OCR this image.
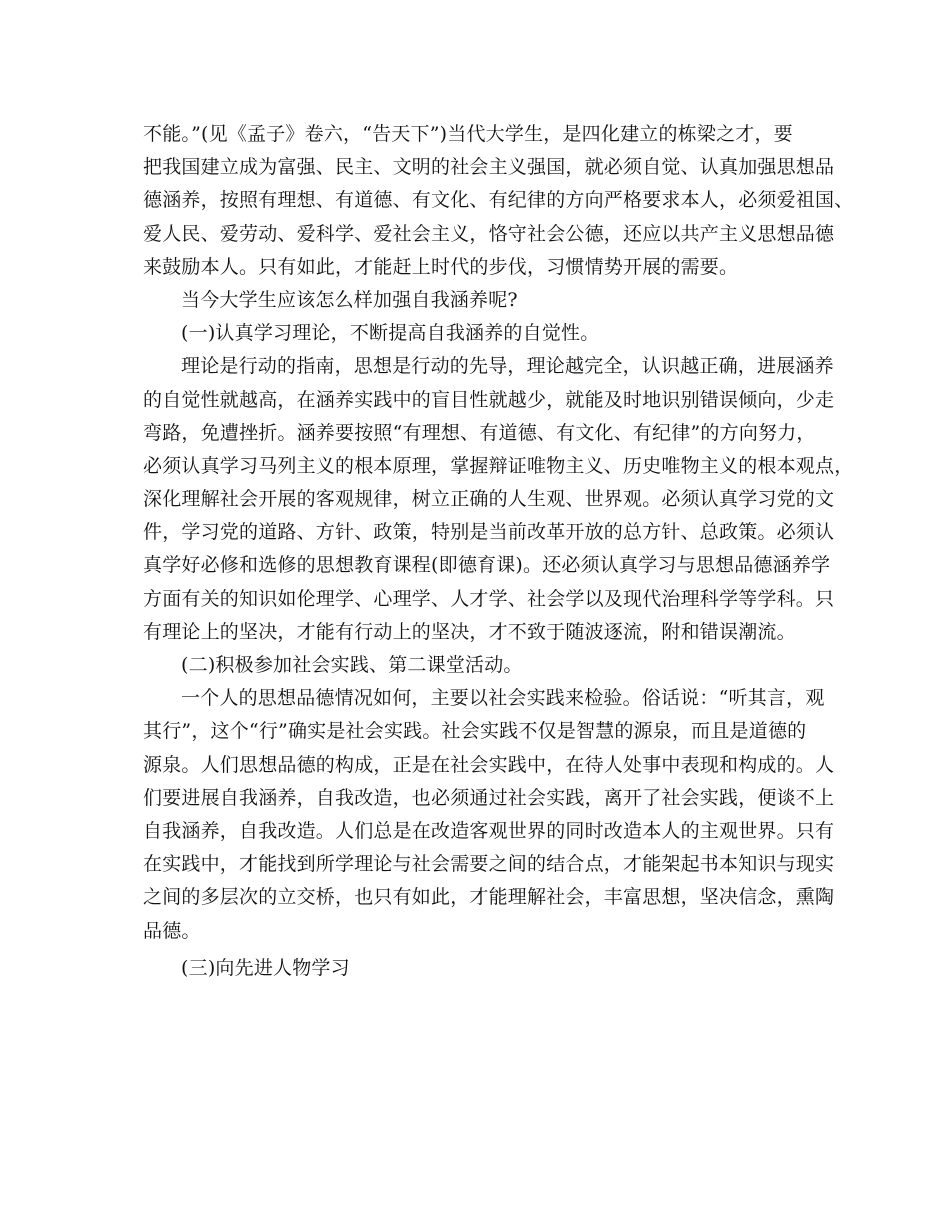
不能。”(见《孟子》卷六，“告天下”)当代大学生，是四化建立的栋梁之才，要
把我国建立成为富强、民主、文明的社会主义强国，就必须自觉、认真加强思想品
德涵养，按照有理想、有道德、有文化、有纪律的方向严格要求本人，必须爱祖国、
爱人民、爱劳动、爱科学、爱社会主义，恪守社会公德，还应以共产主义思想品德
来鼓励本人。只有如此，才能赶上时代的步伐，习惯情势开展的需要。
当今大学生应该怎么样加强自我涵养呢?
(一)认真学习理论，不断提高自我涵养的自觉性。
理论是行动的指南，思想是行动的先导，理论越完全，认识越正确，进展涵养
的自觉性就越高，在涵养实践中的盲目性就越少，就能及时地识别错误倾向，少走
弯路，免遭挫折。涵养要按照“有理想、有道德、有文化、有纪律”的方向努力，
必须认真学习马列主义的根本原理，掌握辩证唯物主义、历史唯物主义的根本观点，
深化理解社会开展的客观规律，树立正确的人生观、世界观。必须认真学习党的文
件，学习党的道路、方针、政策，特别是当前改革开放的总方针、总政策。必须认
真学好必修和选修的思想教育课程(即德育课)。还必须认真学习与思想品德涵养学
方面有关的知识如伦理学、心理学、人才学、社会学以及现代治理科学等学科。只
有理论上的坚决，才能有行动上的坚决，才不致于随波逐流，附和错误潮流。
(二)积极参加社会实践、第二课堂活动。
一个人的思想品德情况如何，主要以社会实践来检验。俗话说：“听其言，观
其行”，这个“行”确实是社会实践。社会实践不仅是智慧的源泉，而且是道德的
源泉。人们思想品德的构成，正是在社会实践中，在待人处事中表现和构成的。人
们要进展自我涵养，自我改造，也必须通过社会实践，离开了社会实践，便谈不上
自我涵养，自我改造。人们总是在改造客观世界的同时改造本人的主观世界。只有
在实践中，才能找到所学理论与社会需要之间的结合点，才能架起书本知识与现实
之间的多层次的立交桥，也只有如此，才能理解社会，丰富思想，坚决信念，熏陶
品德。
(三)向先进人物学习
